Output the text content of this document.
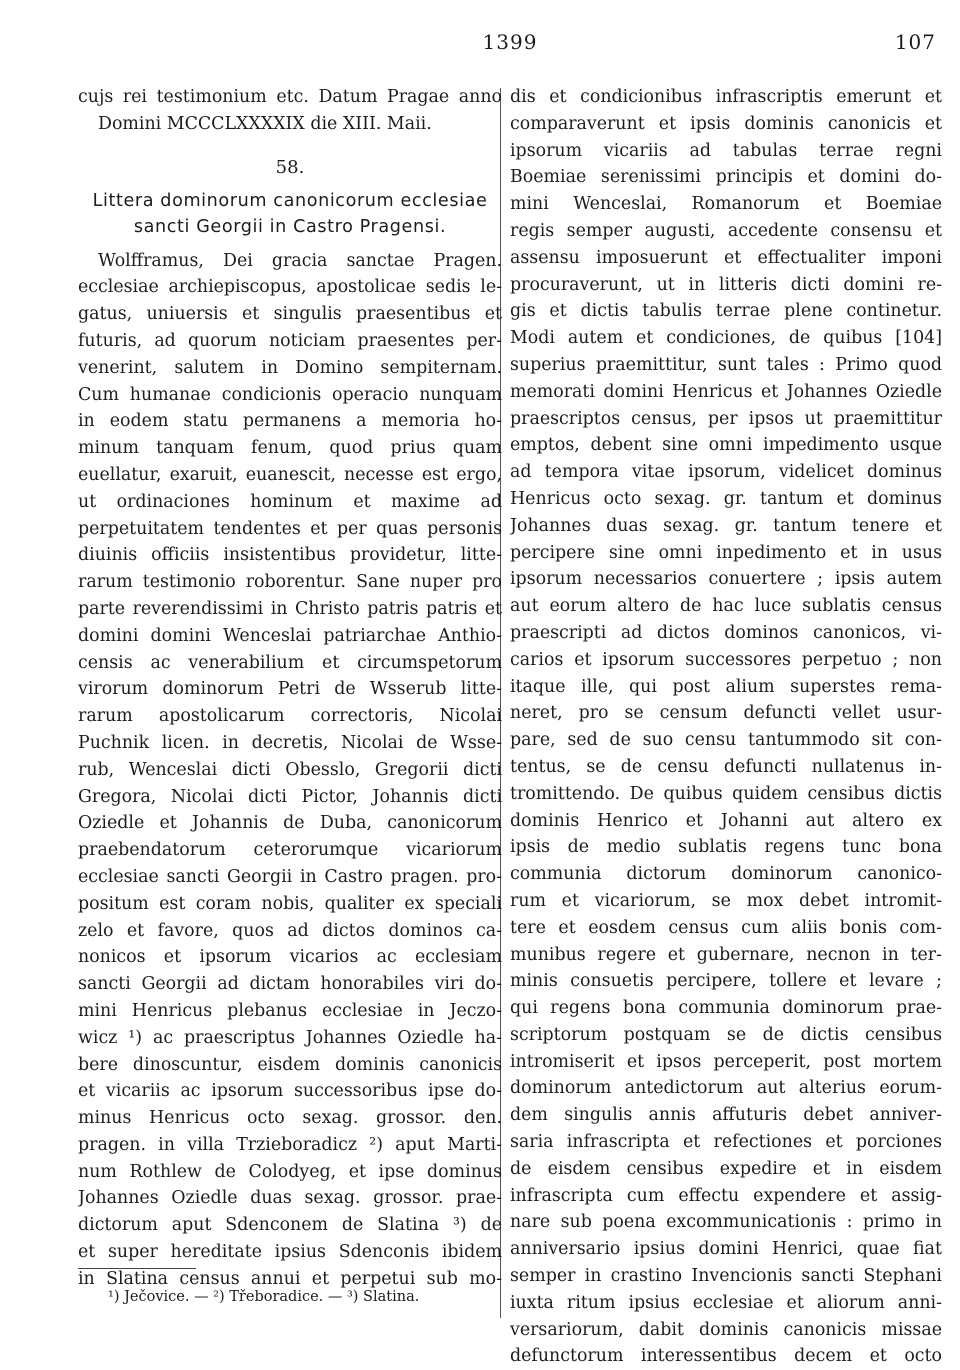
1399	107
cujs rei testimonium etc. Datum Pragae anno
Domini MCCCLXXXXIX die XIII. Maii.
58.
Littera dominorum canonicorum ecclesiae
sancti Georgii in Castro Pragensi.
Wolfframus, Dei gracia sanctae Pragen.
ecclesiae archiepiscopus, apostolicae sedis le-
gatus, uniuersis et singulis praesentibus et
futuris, ad quorum noticiam praesentes per-
venerint, salutem in Domino sempiternam.
Cum humanae condicionis operacio nunquam
in eodem statu permanens a memoria ho-
minum tanquam fenum, quod prius quam
euellatur, exaruit, euanescit, necesse est ergo,
ut ordinaciones hominum et maxime ad
perpetuitatem tendentes et per quas personis
diuinis officiis insistentibus providetur, litte-
rarum testimonio roborentur. Sane nuper pro
parte reverendissimi in Christo patris patris et
domini domini Wenceslai patriarchae Anthio-
censis ac venerabilium et circumspetorum
virorum dominorum Petri de Wsserub litte-
rarum apostolicarum correctoris, Nicolai
Puchnik licen. in decretis, Nicolai de Wsse-
rub, Wenceslai dicti Obesslo, Gregorii dicti
Gregora, Nicolai dicti Pictor, Johannis dicti
Oziedle et Johannis de Duba, canonicorum
praebendatorum ceterorumque vicariorum
ecclesiae sancti Georgii in Castro pragen. pro-
positum est coram nobis, qualiter ex speciali
zelo et favore, quos ad dictos dominos ca-
nonicos et ipsorum vicarios ac ecclesiam
sancti Georgii ad dictam honorabiles viri do-
mini Henricus plebanus ecclesiae in Jeczo-
wicz ¹) ac praescriptus Johannes Oziedle ha-
bere dinoscuntur, eisdem dominis canonicis
et vicariis ac ipsorum successoribus ipse do-
minus Henricus octo sexag. grossor. den.
pragen. in villa Trzieboradicz ²) aput Marti-
num Rothlew de Colodyeg, et ipse dominus
Johannes Oziedle duas sexag. grossor. prae-
dictorum aput Sdenconem de Slatina ³) de
et super hereditate ipsius Sdenconis ibidem
in Slatina census annui et perpetui sub mo-
dis et condicionibus infrascriptis emerunt et
comparaverunt et ipsis dominis canonicis et
ipsorum vicariis ad tabulas terrae regni
Boemiae serenissimi principis et domini do-
mini Wenceslai, Romanorum et Boemiae
regis semper augusti, accedente consensu et
assensu imposuerunt et effectualiter imponi
procuraverunt, ut in litteris dicti domini re-
gis et dictis tabulis terrae plene continetur.
Modi autem et condiciones, de quibus [104]
superius praemittitur, sunt tales : Primo quod
memorati domini Henricus et Johannes Oziedle
praescriptos census, per ipsos ut praemittitur
emptos, debent sine omni impedimento usque
ad tempora vitae ipsorum, videlicet dominus
Henricus octo sexag. gr. tantum et dominus
Johannes duas sexag. gr. tantum tenere et
percipere sine omni inpedimento et in usus
ipsorum necessarios conuertere ; ipsis autem
aut eorum altero de hac luce sublatis census
praescripti ad dictos dominos canonicos, vi-
carios et ipsorum successores perpetuo ; non
itaque ille, qui post alium superstes rema-
neret, pro se censum defuncti vellet usur-
pare, sed de suo censu tantummodo sit con-
tentus, se de censu defuncti nullatenus in-
tromittendo. De quibus quidem censibus dictis
dominis Henrico et Johanni aut altero ex
ipsis de medio sublatis regens tunc bona
communia dictorum dominorum canonico-
rum et vicariorum, se mox debet intromit-
tere et eosdem census cum aliis bonis com-
munibus regere et gubernare, necnon in ter-
minis consuetis percipere, tollere et levare ;
qui regens bona communia dominorum prae-
scriptorum postquam se de dictis censibus
intromiserit et ipsos perceperit, post mortem
dominorum antedictorum aut alterius eorum-
dem singulis annis affuturis debet anniver-
saria infrascripta et refectiones et porciones
de eisdem censibus expedire et in eisdem
infrascripta cum effectu expendere et assig-
nare sub poena excommunicationis : primo in
anniversario ipsius domini Henrici, quae fiat
semper in crastino Invencionis sancti Stephani
iuxta ritum ipsius ecclesiae et aliorum anni-
versariorum, dabit dominis canonicis missae
defunctorum interessentibus decem et octo
¹) Ječovice. — ²) Třeboradice. — ³) Slatina.
